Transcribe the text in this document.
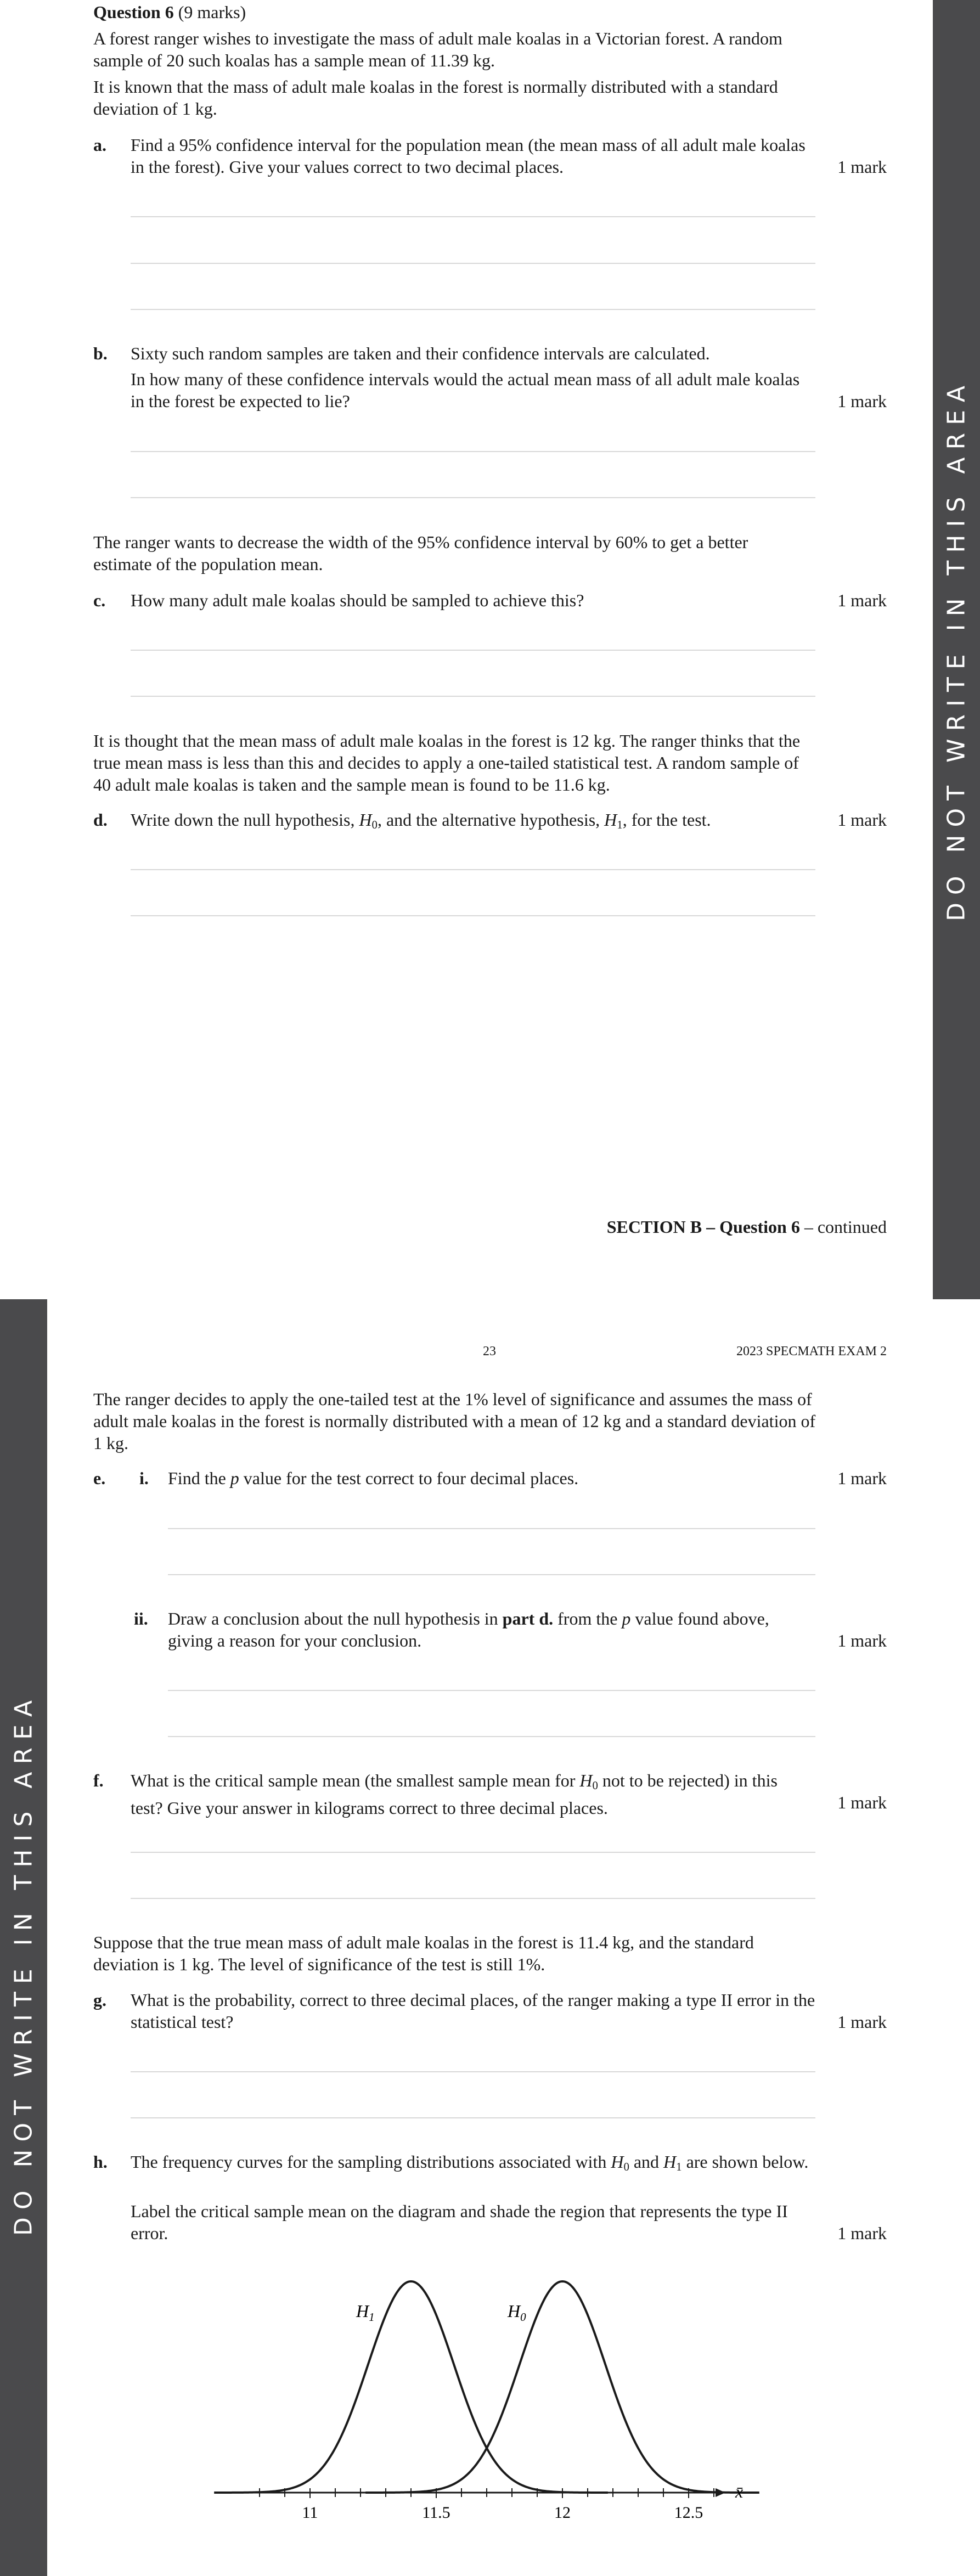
DO NOT WRITE IN THIS AREA
DO NOT WRITE IN THIS AREA
Question 6 (9 marks)
A forest ranger wishes to investigate the mass of adult male koalas in a Victorian forest. A random sample of 20 such koalas has a sample mean of 11.39 kg.
It is known that the mass of adult male koalas in the forest is normally distributed with a standard deviation of 1 kg.
a. Find a 95% confidence interval for the population mean (the mean mass of all adult male koalas in the forest). Give your values correct to two decimal places.	1 mark
b. Sixty such random samples are taken and their confidence intervals are calculated.
In how many of these confidence intervals would the actual mean mass of all adult male koalas in the forest be expected to lie?	1 mark
The ranger wants to decrease the width of the 95% confidence interval by 60% to get a better estimate of the population mean.
c. How many adult male koalas should be sampled to achieve this?	1 mark
It is thought that the mean mass of adult male koalas in the forest is 12 kg. The ranger thinks that the true mean mass is less than this and decides to apply a one-tailed statistical test. A random sample of 40 adult male koalas is taken and the sample mean is found to be 11.6 kg.
d. Write down the null hypothesis, $H_0$, and the alternative hypothesis, $H_1$, for the test.	1 mark
SECTION B – Question 6 – continued
23	2023 SPECMATH EXAM 2
The ranger decides to apply the one-tailed test at the 1% level of significance and assumes the mass of adult male koalas in the forest is normally distributed with a mean of 12 kg and a standard deviation of 1 kg.
e. i. Find the p value for the test correct to four decimal places.	1 mark
ii. Draw a conclusion about the null hypothesis in part d. from the p value found above, giving a reason for your conclusion.	1 mark
f. What is the critical sample mean (the smallest sample mean for $H_0$ not to be rejected) in this test? Give your answer in kilograms correct to three decimal places.	1 mark
Suppose that the true mean mass of adult male koalas in the forest is 11.4 kg, and the standard deviation is 1 kg. The level of significance of the test is still 1%.
g. What is the probability, correct to three decimal places, of the ranger making a type II error in the statistical test?	1 mark
h. The frequency curves for the sampling distributions associated with $H_0$ and $H_1$ are shown below.
Label the critical sample mean on the diagram and shade the region that represents the type II error.	1 mark
11	11.5	12	12.5
$H_1$	$H_0$
x̄
